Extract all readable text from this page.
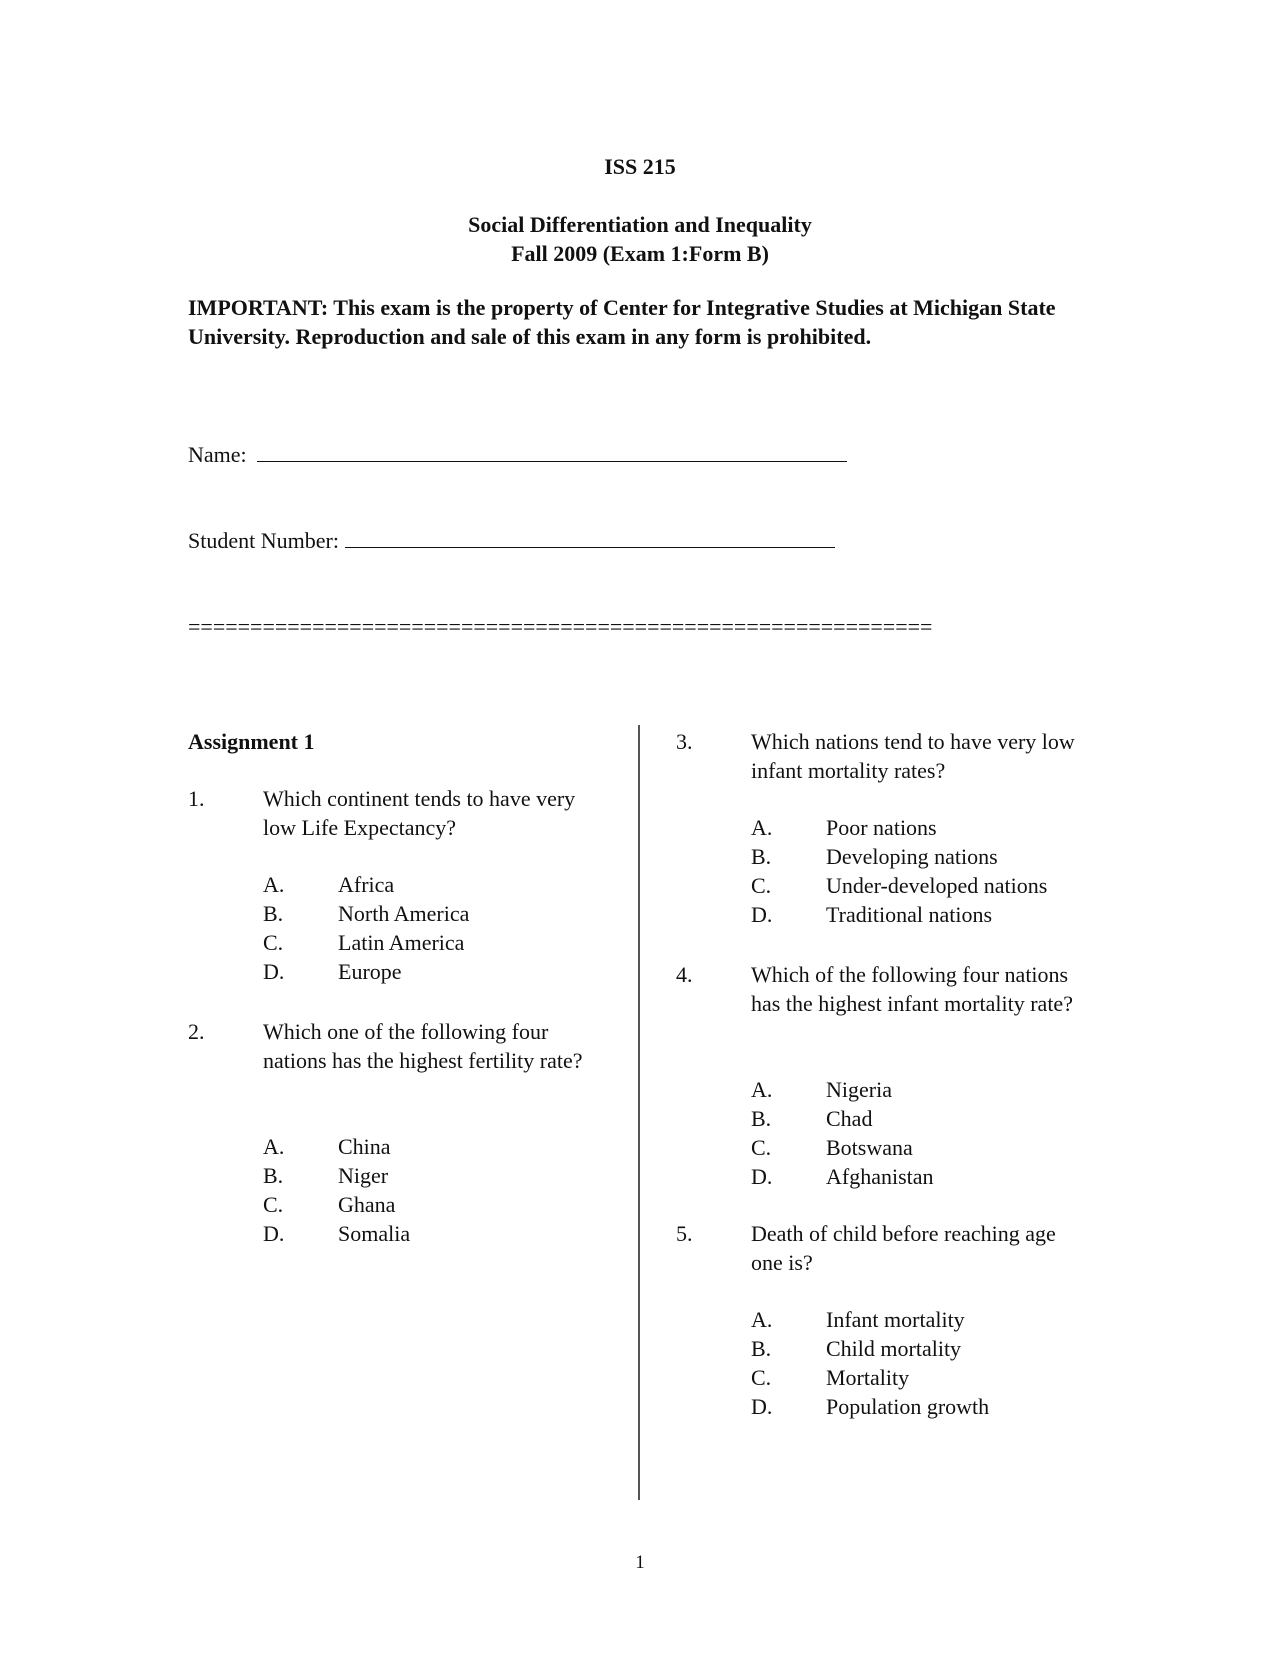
ISS 215
Social Differentiation and Inequality
Fall 2009 (Exam 1:Form B)
IMPORTANT: This exam is the property of Center for Integrative Studies at Michigan State University. Reproduction and sale of this exam in any form is prohibited.
Name:
Student Number:
============================================================
Assignment 1
1.	Which continent tends to have very low Life Expectancy?
A. Africa
B. North America
C. Latin America
D. Europe
2.	Which one of the following four nations has the highest fertility rate?
A. China
B. Niger
C. Ghana
D. Somalia
3.	Which nations tend to have very low infant mortality rates?
A. Poor nations
B. Developing nations
C. Under-developed nations
D. Traditional nations
4.	Which of the following four nations has the highest infant mortality rate?
A. Nigeria
B. Chad
C. Botswana
D. Afghanistan
5.	Death of child before reaching age one is?
A. Infant mortality
B. Child mortality
C. Mortality
D. Population growth
1
